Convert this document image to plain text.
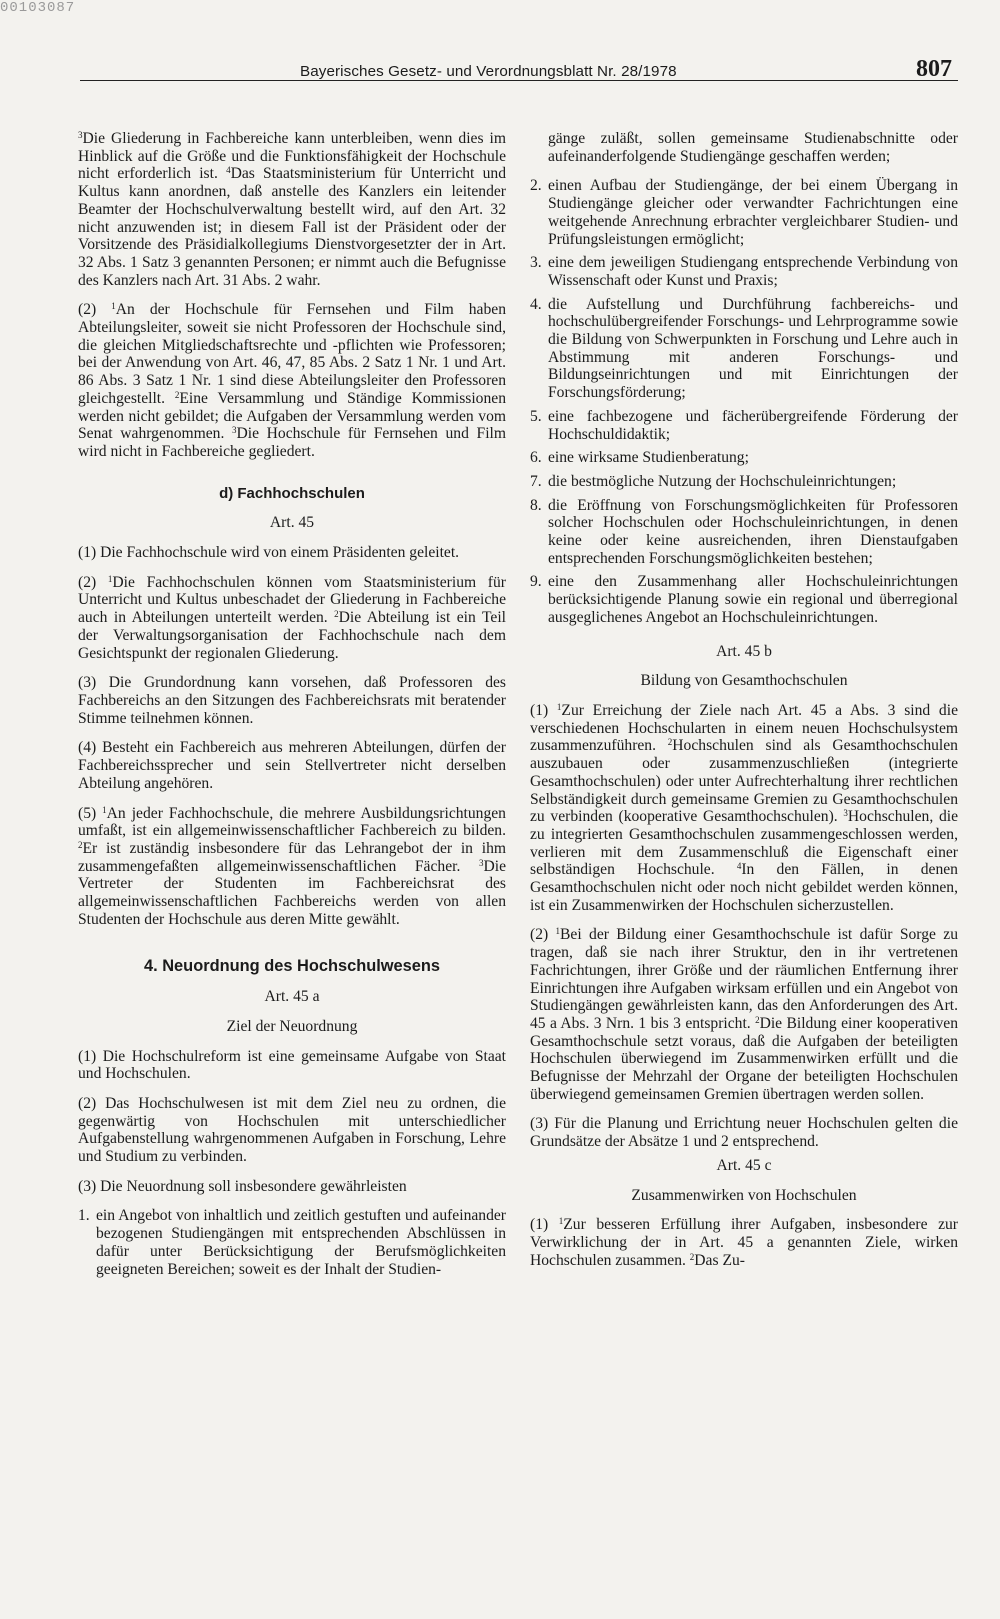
00103087
Bayerisches Gesetz- und Verordnungsblatt Nr. 28/1978	807

$^3$Die Gliederung in Fachbereiche kann unterbleiben, wenn dies im Hinblick auf die Größe und die Funktionsfähigkeit der Hochschule nicht erforderlich ist. $^4$Das Staatsministerium für Unterricht und Kultus kann anordnen, daß anstelle des Kanzlers ein leitender Beamter der Hochschulverwaltung bestellt wird, auf den Art. 32 nicht anzuwenden ist; in diesem Fall ist der Präsident oder der Vorsitzende des Präsidialkollegiums Dienstvorgesetzter der in Art. 32 Abs. 1 Satz 3 genannten Personen; er nimmt auch die Befugnisse des Kanzlers nach Art. 31 Abs. 2 wahr.

(2) $^1$An der Hochschule für Fernsehen und Film haben Abteilungsleiter, soweit sie nicht Professoren der Hochschule sind, die gleichen Mitgliedschaftsrechte und -pflichten wie Professoren; bei der Anwendung von Art. 46, 47, 85 Abs. 2 Satz 1 Nr. 1 und Art. 86 Abs. 3 Satz 1 Nr. 1 sind diese Abteilungsleiter den Professoren gleichgestellt. $^2$Eine Versammlung und Ständige Kommissionen werden nicht gebildet; die Aufgaben der Versammlung werden vom Senat wahrgenommen. $^3$Die Hochschule für Fernsehen und Film wird nicht in Fachbereiche gegliedert.

d) Fachhochschulen

Art. 45

(1) Die Fachhochschule wird von einem Präsidenten geleitet.

(2) $^1$Die Fachhochschulen können vom Staatsministerium für Unterricht und Kultus unbeschadet der Gliederung in Fachbereiche auch in Abteilungen unterteilt werden. $^2$Die Abteilung ist ein Teil der Verwaltungsorganisation der Fachhochschule nach dem Gesichtspunkt der regionalen Gliederung.

(3) Die Grundordnung kann vorsehen, daß Professoren des Fachbereichs an den Sitzungen des Fachbereichsrats mit beratender Stimme teilnehmen können.

(4) Besteht ein Fachbereich aus mehreren Abteilungen, dürfen der Fachbereichssprecher und sein Stellvertreter nicht derselben Abteilung angehören.

(5) $^1$An jeder Fachhochschule, die mehrere Ausbildungsrichtungen umfaßt, ist ein allgemeinwissenschaftlicher Fachbereich zu bilden. $^2$Er ist zuständig insbesondere für das Lehrangebot der in ihm zusammengefaßten allgemeinwissenschaftlichen Fächer. $^3$Die Vertreter der Studenten im Fachbereichsrat des allgemeinwissenschaftlichen Fachbereichs werden von allen Studenten der Hochschule aus deren Mitte gewählt.

4. Neuordnung des Hochschulwesens

Art. 45 a

Ziel der Neuordnung

(1) Die Hochschulreform ist eine gemeinsame Aufgabe von Staat und Hochschulen.

(2) Das Hochschulwesen ist mit dem Ziel neu zu ordnen, die gegenwärtig von Hochschulen mit unterschiedlicher Aufgabenstellung wahrgenommenen Aufgaben in Forschung, Lehre und Studium zu verbinden.

(3) Die Neuordnung soll insbesondere gewährleisten

1. ein Angebot von inhaltlich und zeitlich gestuften und aufeinander bezogenen Studiengängen mit entsprechenden Abschlüssen in dafür unter Berücksichtigung der Berufsmöglichkeiten geeigneten Bereichen; soweit es der Inhalt der Studien-

gänge zuläßt, sollen gemeinsame Studienabschnitte oder aufeinanderfolgende Studiengänge geschaffen werden;

2. einen Aufbau der Studiengänge, der bei einem Übergang in Studiengänge gleicher oder verwandter Fachrichtungen eine weitgehende Anrechnung erbrachter vergleichbarer Studien- und Prüfungsleistungen ermöglicht;
3. eine dem jeweiligen Studiengang entsprechende Verbindung von Wissenschaft oder Kunst und Praxis;
4. die Aufstellung und Durchführung fachbereichs- und hochschulübergreifender Forschungs- und Lehrprogramme sowie die Bildung von Schwerpunkten in Forschung und Lehre auch in Abstimmung mit anderen Forschungs- und Bildungseinrichtungen und mit Einrichtungen der Forschungsförderung;
5. eine fachbezogene und fächerübergreifende Förderung der Hochschuldidaktik;
6. eine wirksame Studienberatung;
7. die bestmögliche Nutzung der Hochschuleinrichtungen;
8. die Eröffnung von Forschungsmöglichkeiten für Professoren solcher Hochschulen oder Hochschuleinrichtungen, in denen keine oder keine ausreichenden, ihren Dienstaufgaben entsprechenden Forschungsmöglichkeiten bestehen;
9. eine den Zusammenhang aller Hochschuleinrichtungen berücksichtigende Planung sowie ein regional und überregional ausgeglichenes Angebot an Hochschuleinrichtungen.

Art. 45 b

Bildung von Gesamthochschulen

(1) $^1$Zur Erreichung der Ziele nach Art. 45 a Abs. 3 sind die verschiedenen Hochschularten in einem neuen Hochschulsystem zusammenzuführen. $^2$Hochschulen sind als Gesamthochschulen auszubauen oder zusammenzuschließen (integrierte Gesamthochschulen) oder unter Aufrechterhaltung ihrer rechtlichen Selbständigkeit durch gemeinsame Gremien zu Gesamthochschulen zu verbinden (kooperative Gesamthochschulen). $^3$Hochschulen, die zu integrierten Gesamthochschulen zusammengeschlossen werden, verlieren mit dem Zusammenschluß die Eigenschaft einer selbständigen Hochschule. $^4$In den Fällen, in denen Gesamthochschulen nicht oder noch nicht gebildet werden können, ist ein Zusammenwirken der Hochschulen sicherzustellen.

(2) $^1$Bei der Bildung einer Gesamthochschule ist dafür Sorge zu tragen, daß sie nach ihrer Struktur, den in ihr vertretenen Fachrichtungen, ihrer Größe und der räumlichen Entfernung ihrer Einrichtungen ihre Aufgaben wirksam erfüllen und ein Angebot von Studiengängen gewährleisten kann, das den Anforderungen des Art. 45 a Abs. 3 Nrn. 1 bis 3 entspricht. $^2$Die Bildung einer kooperativen Gesamthochschule setzt voraus, daß die Aufgaben der beteiligten Hochschulen überwiegend im Zusammenwirken erfüllt und die Befugnisse der Mehrzahl der Organe der beteiligten Hochschulen überwiegend gemeinsamen Gremien übertragen werden sollen.

(3) Für die Planung und Errichtung neuer Hochschulen gelten die Grundsätze der Absätze 1 und 2 entsprechend.

Art. 45 c

Zusammenwirken von Hochschulen

(1) $^1$Zur besseren Erfüllung ihrer Aufgaben, insbesondere zur Verwirklichung der in Art. 45 a genannten Ziele, wirken Hochschulen zusammen. $^2$Das Zu-
